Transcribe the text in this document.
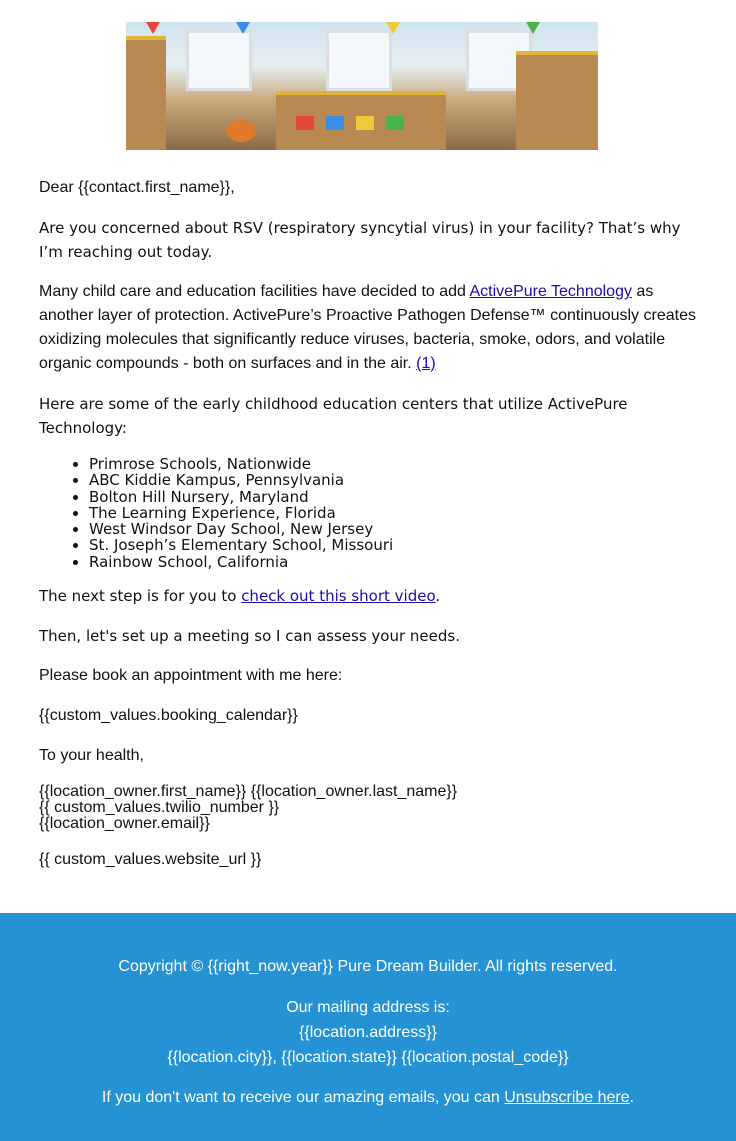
Dear {{contact.first_name}},

Are you concerned about RSV (respiratory syncytial virus) in your facility? That’s why I’m reaching out today.

Many child care and education facilities have decided to add ActivePure Technology as another layer of protection. ActivePure’s Proactive Pathogen Defense™ continuously creates oxidizing molecules that significantly reduce viruses, bacteria, smoke, odors, and volatile organic compounds - both on surfaces and in the air. (1)

Here are some of the early childhood education centers that utilize ActivePure Technology:

• Primrose Schools, Nationwide
• ABC Kiddie Kampus, Pennsylvania
• Bolton Hill Nursery, Maryland
• The Learning Experience, Florida
• West Windsor Day School, New Jersey
• St. Joseph’s Elementary School, Missouri
• Rainbow School, California

The next step is for you to check out this short video.

Then, let's set up a meeting so I can assess your needs.

Please book an appointment with me here:

{{custom_values.booking_calendar}}

To your health,

{{location_owner.first_name}} {{location_owner.last_name}}
{{ custom_values.twilio_number }}
{{location_owner.email}}

{{ custom_values.website_url }}

Copyright © {{right_now.year}} Pure Dream Builder. All rights reserved.

Our mailing address is:

{{location.address}}

{{location.city}}, {{location.state}} {{location.postal_code}}

If you don't want to receive our amazing emails, you can Unsubscribe here.
